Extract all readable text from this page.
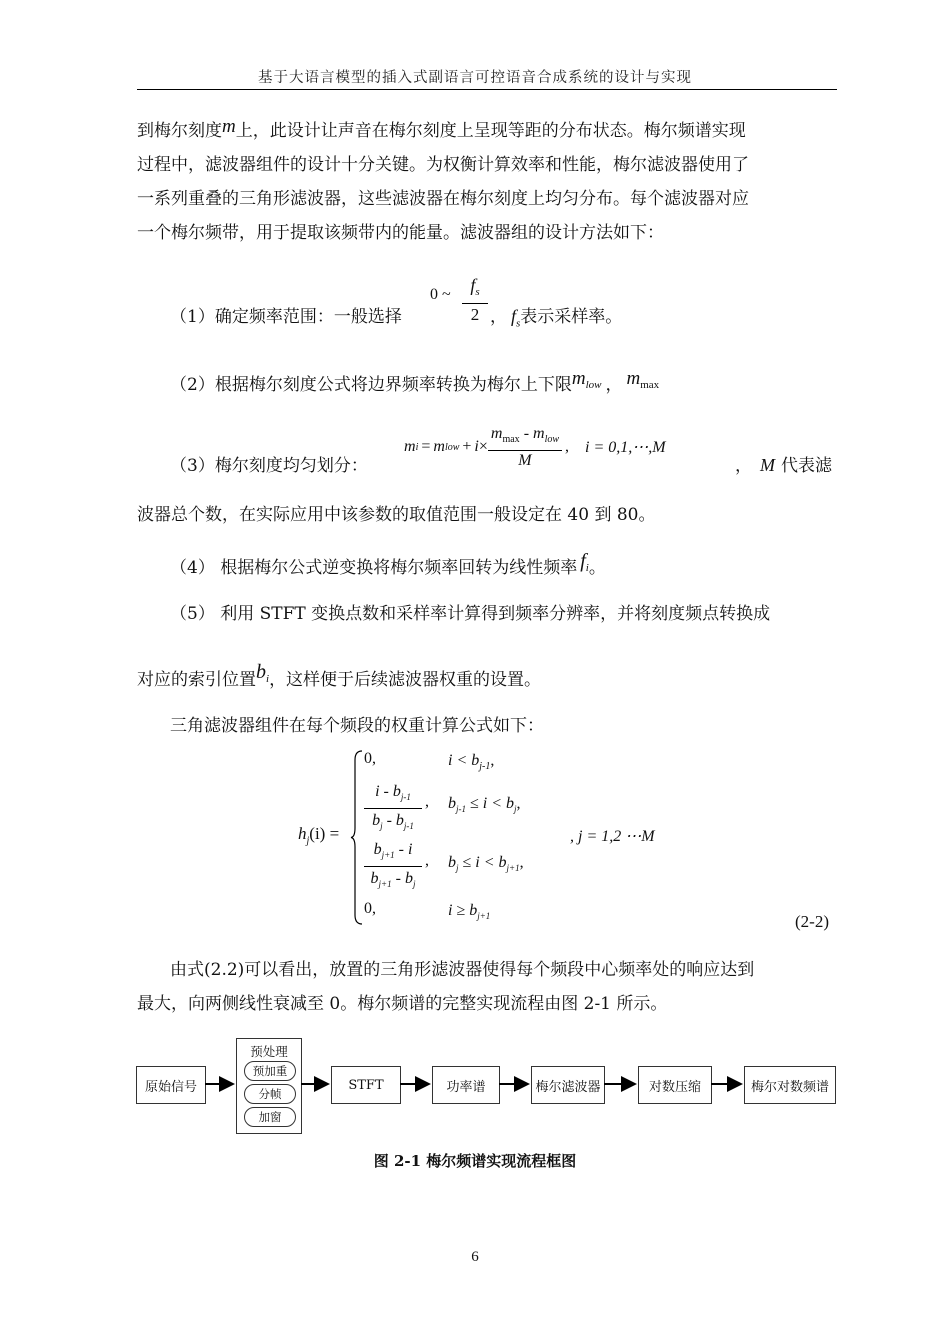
基于大语言模型的插入式副语言可控语音合成系统的设计与实现
到梅尔刻度m上，此设计让声音在梅尔刻度上呈现等距的分布状态。梅尔频谱实现
过程中，滤波器组件的设计十分关键。为权衡计算效率和性能，梅尔滤波器使用了
一系列重叠的三角形滤波器，这些滤波器在梅尔刻度上均匀分布。每个滤波器对应
一个梅尔频带，用于提取该频带内的能量。滤波器组的设计方法如下：
（1）确定频率范围：一般选择
0 ~	$f_s$
2 ， $f_s$表示采样率。
（2）根据梅尔刻度公式将边界频率转换为梅尔上下限$m_{low}$ ， $m_{max}$
（3）梅尔刻度均匀划分：
m i = m low + $i \times \frac{m_{max} - m_{low}}{M}$ , i = 0,1,⋯,M
， M 代表滤
波器总个数，在实际应用中该参数的取值范围一般设定在 40 到 80。
（4） 根据梅尔公式逆变换将梅尔频率回转为线性频率 $f_i$。
（5） 利用 STFT 变换点数和采样率计算得到频率分辨率，并将刻度频点转换成
对应的索引位置$b_i$，这样便于后续滤波器权重的设置。
三角滤波器组件在每个频段的权重计算公式如下：
$h_j(i)$ =
0,	$i < b_{j-1}$,
i - $b_{j-1}$
$b_j - b_{j-1}$
, $b_{j-1} \le i < b_j$,
$b_{j+1}$ - i
$b_{j+1} - b_j$
, $b_j \le i < b_{j+1}$,
0,	$i \ge b_{j+1}$
, j = 1,2 ⋯M
(2-2)
由式(2.2)可以看出，放置的三角形滤波器使得每个频段中心频率处的响应达到
最大，向两侧线性衰减至 0。梅尔频谱的完整实现流程由图 2-1 所示。
原始信号
预处理
预加重
分帧
加窗
STFT	功率谱	梅尔滤波器	对数压缩	梅尔对数频谱
图 2-1 梅尔频谱实现流程框图
6
